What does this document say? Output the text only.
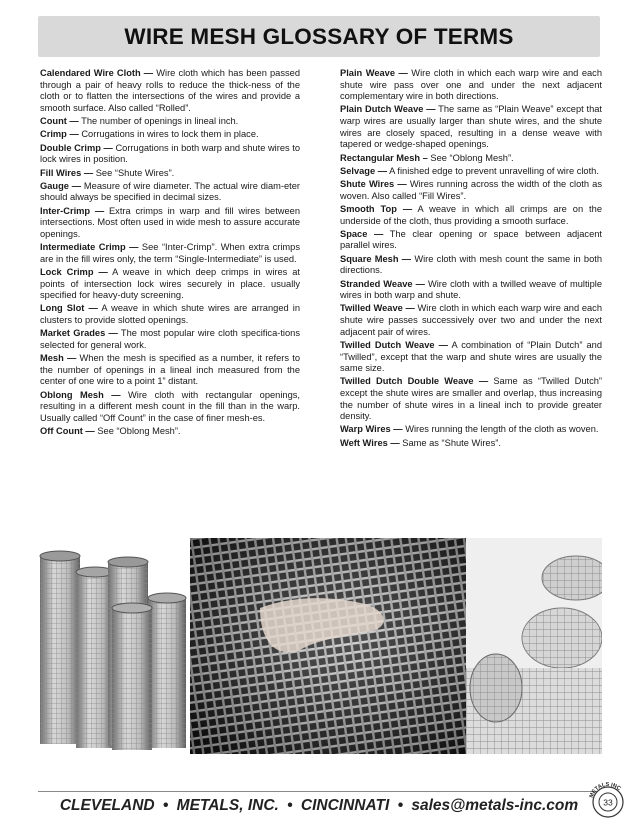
WIRE MESH GLOSSARY OF TERMS

Calendared Wire Cloth — Wire cloth which has been passed through a pair of heavy rolls to reduce the thick-ness of the cloth or to flatten the intersections of the wires and provide a smooth surface. Also called “Rolled”.

Count — The number of openings in lineal inch.

Crimp — Corrugations in wires to lock them in place.

Double Crimp — Corrugations in both warp and shute wires to lock wires in position.

Fill Wires — See “Shute Wires”.

Gauge — Measure of wire diameter. The actual wire diam-eter should always be specified in decimal sizes.

Inter-Crimp — Extra crimps in warp and fill wires between intersections. Most often used in wide mesh to assure accurate openings.

Intermediate Crimp — See “Inter-Crimp”. When extra crimps are in the fill wires only, the term “Single-Intermediate” is used.

Lock Crimp — A weave in which deep crimps in wires at points of intersection lock wires securely in place. usually specified for heavy-duty screening.

Long Slot — A weave in which shute wires are arranged in clusters to provide slotted openings.

Market Grades — The most popular wire cloth specifica-tions selected for general work.

Mesh — When the mesh is specified as a number, it refers to the number of openings in a lineal inch measured from the center of one wire to a point 1” distant.

Oblong Mesh — Wire cloth with rectangular openings, resulting in a different mesh count in the fill than in the warp. Usually called “Off Count” in the case of finer mesh-es.

Off Count — See “Oblong Mesh”.

Plain Weave — Wire cloth in which each warp wire and each shute wire pass over one and under the next adjacent complementary wire in both directions.

Plain Dutch Weave — The same as “Plain Weave” except that warp wires are usually larger than shute wires, and the shute wires are closely spaced, resulting in a dense weave with tapered or wedge-shaped openings.

Rectangular Mesh – See “Oblong Mesh”.

Selvage — A finished edge to prevent unravelling of wire cloth.

Shute Wires — Wires running across the width of the cloth as woven. Also called “Fill Wires”.

Smooth Top — A weave in which all crimps are on the underside of the cloth, thus providing a smooth surface.

Space — The clear opening or space between adjacent parallel wires.

Square Mesh — Wire cloth with mesh count the same in both directions.

Stranded Weave — Wire cloth with a twilled weave of multiple wires in both warp and shute.

Twilled Weave — Wire cloth in which each warp wire and each shute wire passes successively over two and under the next adjacent pair of wires.

Twilled Dutch Weave — A combination of “Plain Dutch” and “Twilled”, except that the warp and shute wires are usually the same size.

Twilled Dutch Double Weave — Same as “Twilled Dutch” except the shute wires are smaller and overlap, thus increasing the number of shute wires in a lineal inch to provide greater density.

Warp Wires — Wires running the length of the cloth as woven.

Weft Wires — Same as “Shute Wires”.

CLEVELAND • METALS, INC. • CINCINNATI • sales@metals-inc.com
METALS INC
33
